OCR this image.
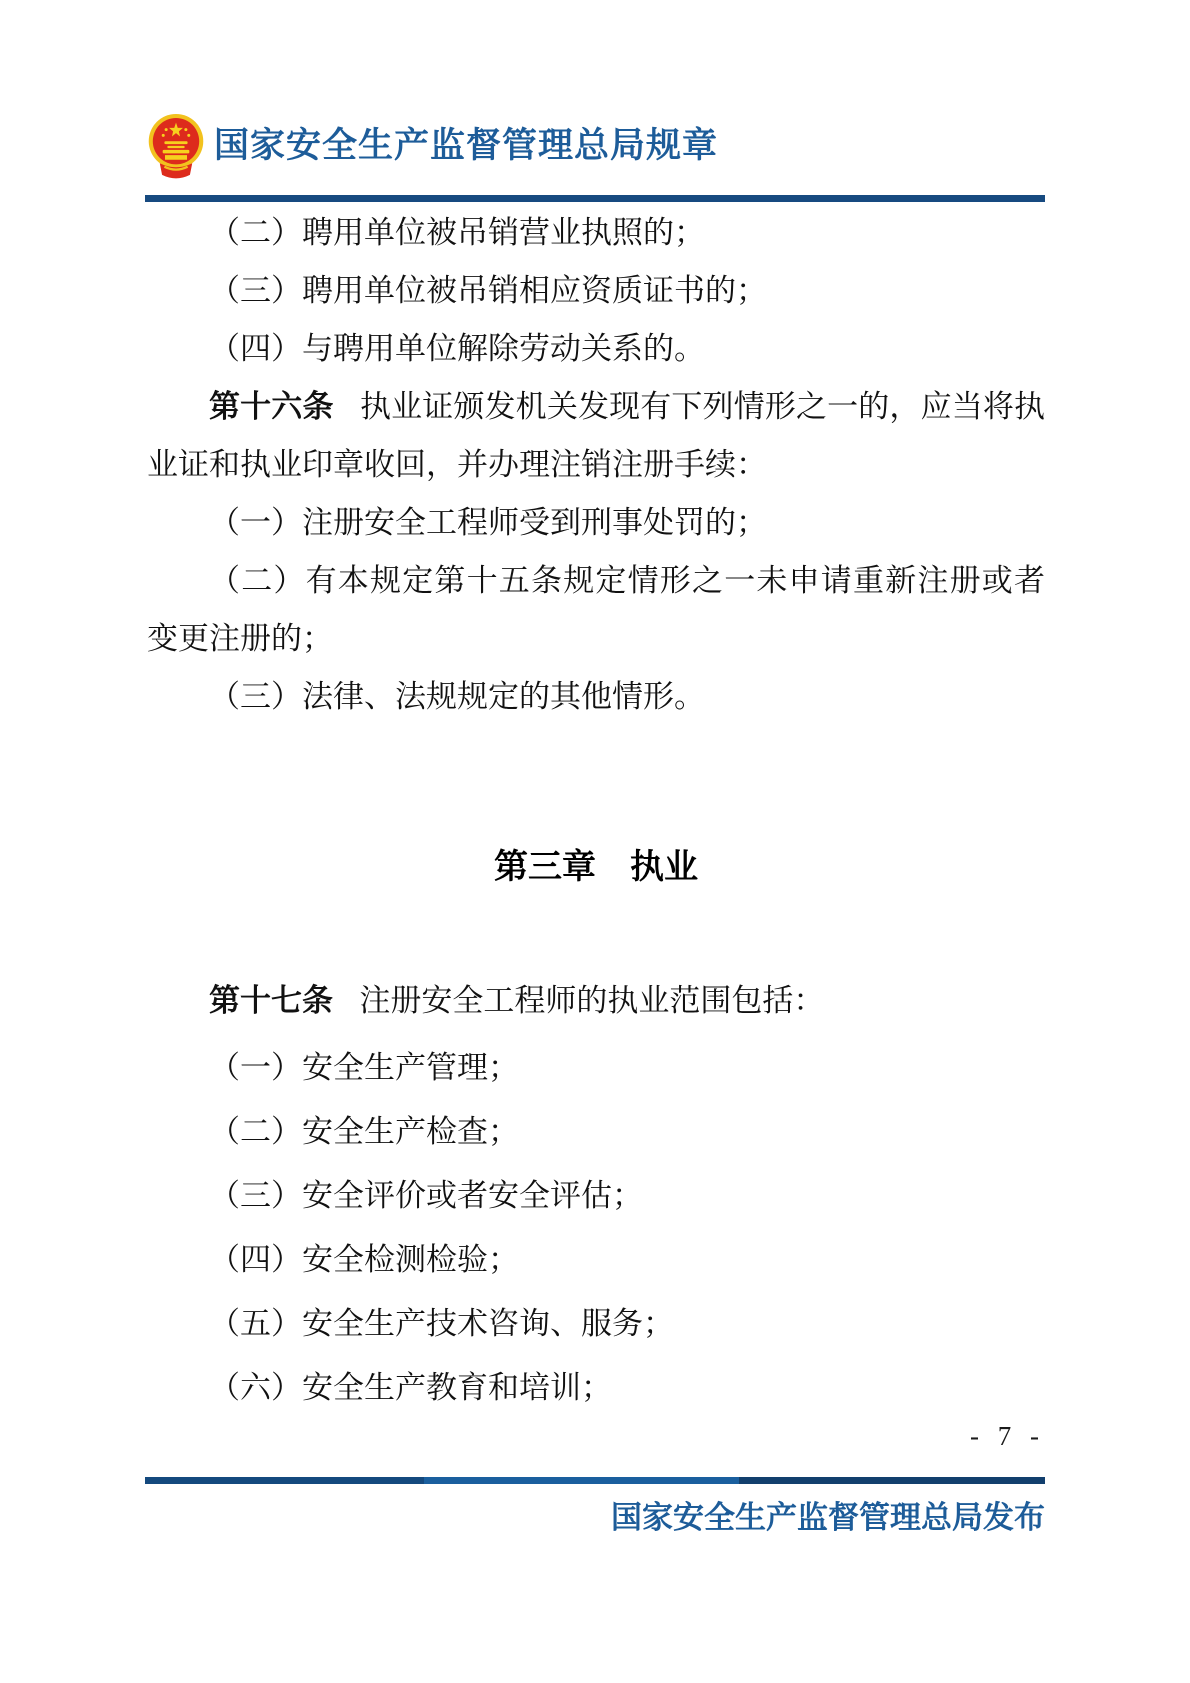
国家安全生产监督管理总局规章

（二）聘用单位被吊销营业执照的；

（三）聘用单位被吊销相应资质证书的；

（四）与聘用单位解除劳动关系的。

第十六条 执业证颁发机关发现有下列情形之一的，应当将执业证和执业印章收回，并办理注销注册手续：

（一）注册安全工程师受到刑事处罚的；

（二）有本规定第十五条规定情形之一未申请重新注册或者变更注册的；

（三）法律、法规规定的其他情形。

第三章　执业

第十七条 注册安全工程师的执业范围包括：

（一）安全生产管理；

（二）安全生产检查；

（三）安全评价或者安全评估；

（四）安全检测检验；

（五）安全生产技术咨询、服务；

（六）安全生产教育和培训；

- 7 -
国家安全生产监督管理总局发布
